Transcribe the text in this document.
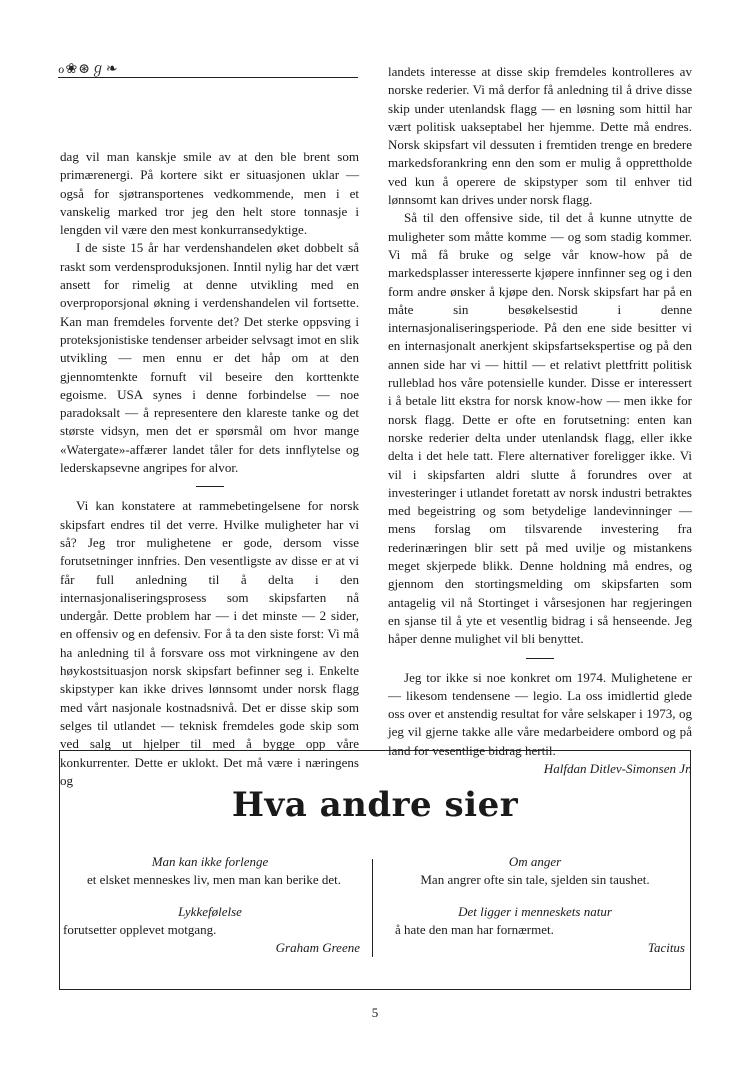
ℴ❀⊛ℊ❧

dag vil man kanskje smile av at den ble brent som primærenergi. På kortere sikt er situasjonen uklar — også for sjøtransportenes vedkommende, men i et vanskelig marked tror jeg den helt store tonnasje i lengden vil være den mest konkurransedyktige.

I de siste 15 år har verdenshandelen øket dobbelt så raskt som verdensproduksjonen. Inntil nylig har det vært ansett for rimelig at denne utvikling med en overproporsjonal økning i verdenshandelen vil fortsette. Kan man fremdeles forvente det? Det sterke oppsving i proteksjonistiske tendenser arbeider selvsagt imot en slik utvikling — men ennu er det håp om at den gjennomtenkte fornuft vil beseire den korttenkte egoisme. USA synes i denne forbindelse — noe paradoksalt — å representere den klareste tanke og det største vidsyn, men det er spørsmål om hvor mange «Watergate»-affærer landet tåler for dets innflytelse og lederskapsevne angripes for alvor.

Vi kan konstatere at rammebetingelsene for norsk skipsfart endres til det verre. Hvilke muligheter har vi så? Jeg tror mulighetene er gode, dersom visse forutsetninger innfries. Den vesentligste av disse er at vi får full anledning til å delta i den internasjonaliseringsprosess som skipsfarten nå undergår. Dette problem har — i det minste — 2 sider, en offensiv og en defensiv. For å ta den siste forst: Vi må ha anledning til å forsvare oss mot virkningene av den høykostsituasjon norsk skipsfart befinner seg i. Enkelte skipstyper kan ikke drives lønnsomt under norsk flagg med vårt nasjonale kostnadsnivå. Det er disse skip som selges til utlandet — teknisk fremdeles gode skip som ved salg ut hjelper til med å bygge opp våre konkurrenter. Dette er uklokt. Det må være i næringens og

landets interesse at disse skip fremdeles kontrolleres av norske rederier. Vi må derfor få anledning til å drive disse skip under utenlandsk flagg — en løsning som hittil har vært politisk uakseptabel her hjemme. Dette må endres. Norsk skipsfart vil dessuten i fremtiden trenge en bredere markedsforankring enn den som er mulig å opprettholde ved kun å operere de skipstyper som til enhver tid lønnsomt kan drives under norsk flagg.

Så til den offensive side, til det å kunne utnytte de muligheter som måtte komme — og som stadig kommer. Vi må få bruke og selge vår know-how på de markedsplasser interesserte kjøpere innfinner seg og i den form andre ønsker å kjøpe den. Norsk skipsfart har på en måte sin besøkelsestid i denne internasjonaliseringsperiode. På den ene side besitter vi en internasjonalt anerkjent skipsfartsekspertise og på den annen side har vi — hittil — et relativt plettfritt politisk rulleblad hos våre potensielle kunder. Disse er interessert i å betale litt ekstra for norsk know-how — men ikke for norsk flagg. Dette er ofte en forutsetning: enten kan norske rederier delta under utenlandsk flagg, eller ikke delta i det hele tatt. Flere alternativer foreligger ikke. Vi vil i skipsfarten aldri slutte å forundres over at investeringer i utlandet foretatt av norsk industri betraktes med begeistring og som betydelige landevinninger — mens forslag om tilsvarende investering fra rederinæringen blir sett på med uvilje og mistankens meget skjerpede blikk. Denne holdning må endres, og gjennom den stortingsmelding om skipsfarten som antagelig vil nå Stortinget i vårsesjonen har regjeringen en sjanse til å yte et vesentlig bidrag i så henseende. Jeg håper denne mulighet vil bli benyttet.

Jeg tor ikke si noe konkret om 1974. Mulighetene er — likesom tendensene — legio. La oss imidlertid glede oss over et anstendig resultat for våre selskaper i 1973, og jeg vil gjerne takke alle våre medarbeidere ombord og på land for vesentlige bidrag hertil.

Halfdan Ditlev-Simonsen Jr.

Hva andre sier
Man kan ikke forlenge
et elsket menneskes liv, men man kan berike det.
Lykkefølelse
forutsetter opplevet motgang.
Graham Greene
Om anger
Man angrer ofte sin tale, sjelden sin taushet.
Det ligger i menneskets natur
å hate den man har fornærmet.
Tacitus
5
